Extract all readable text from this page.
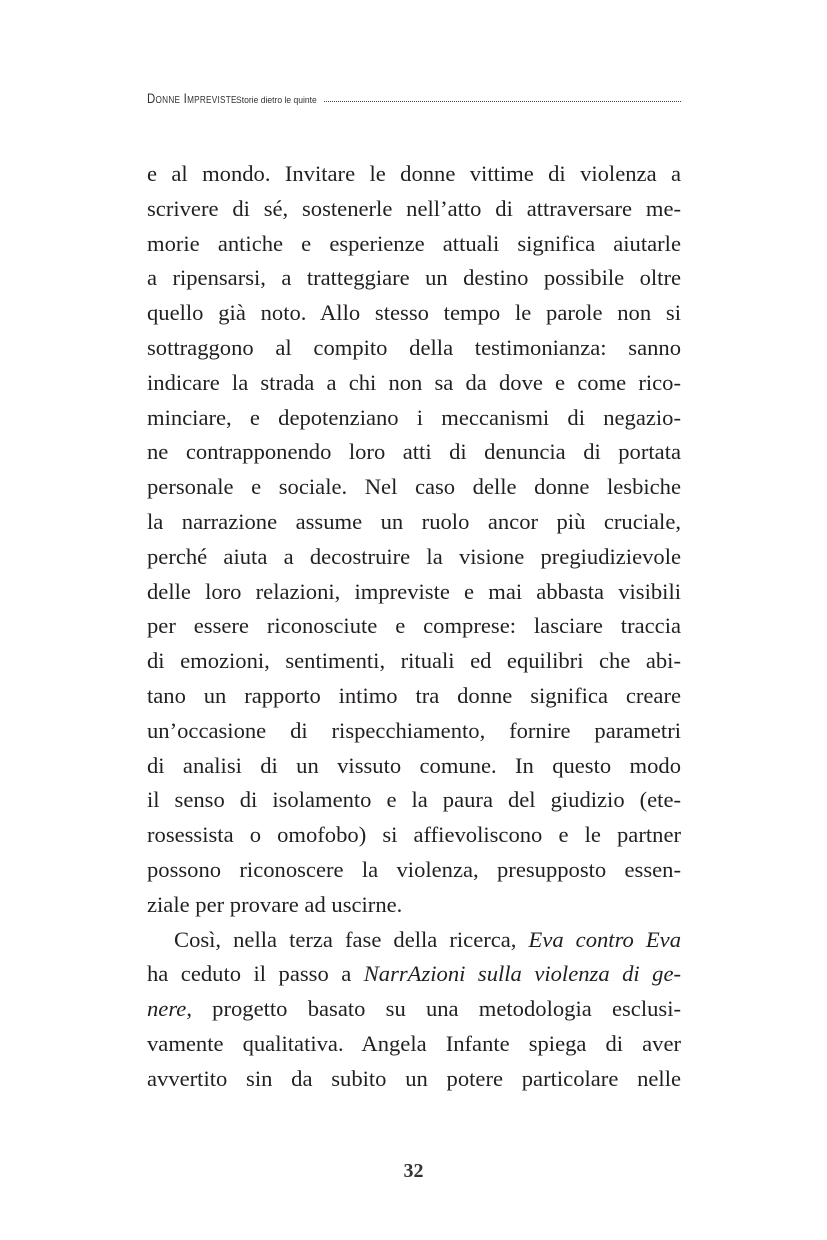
Donne Impreviste Storie dietro le quinte
e al mondo. Invitare le donne vittime di violenza a
scrivere di sé, sostenerle nell’atto di attraversare me-
morie antiche e esperienze attuali significa aiutarle
a ripensarsi, a tratteggiare un destino possibile oltre
quello già noto. Allo stesso tempo le parole non si
sottraggono al compito della testimonianza: sanno
indicare la strada a chi non sa da dove e come rico-
minciare, e depotenziano i meccanismi di negazio-
ne contrapponendo loro atti di denuncia di portata
personale e sociale. Nel caso delle donne lesbiche
la narrazione assume un ruolo ancor più cruciale,
perché aiuta a decostruire la visione pregiudizievole
delle loro relazioni, impreviste e mai abbasta visibili
per essere riconosciute e comprese: lasciare traccia
di emozioni, sentimenti, rituali ed equilibri che abi-
tano un rapporto intimo tra donne significa creare
un’occasione di rispecchiamento, fornire parametri
di analisi di un vissuto comune. In questo modo
il senso di isolamento e la paura del giudizio (ete-
rosessista o omofobo) si affievoliscono e le partner
possono riconoscere la violenza, presupposto essen-
ziale per provare ad uscirne.
Così, nella terza fase della ricerca, Eva contro Eva
ha ceduto il passo a NarrAzioni sulla violenza di ge-
nere, progetto basato su una metodologia esclusi-
vamente qualitativa. Angela Infante spiega di aver
avvertito sin da subito un potere particolare nelle
32
